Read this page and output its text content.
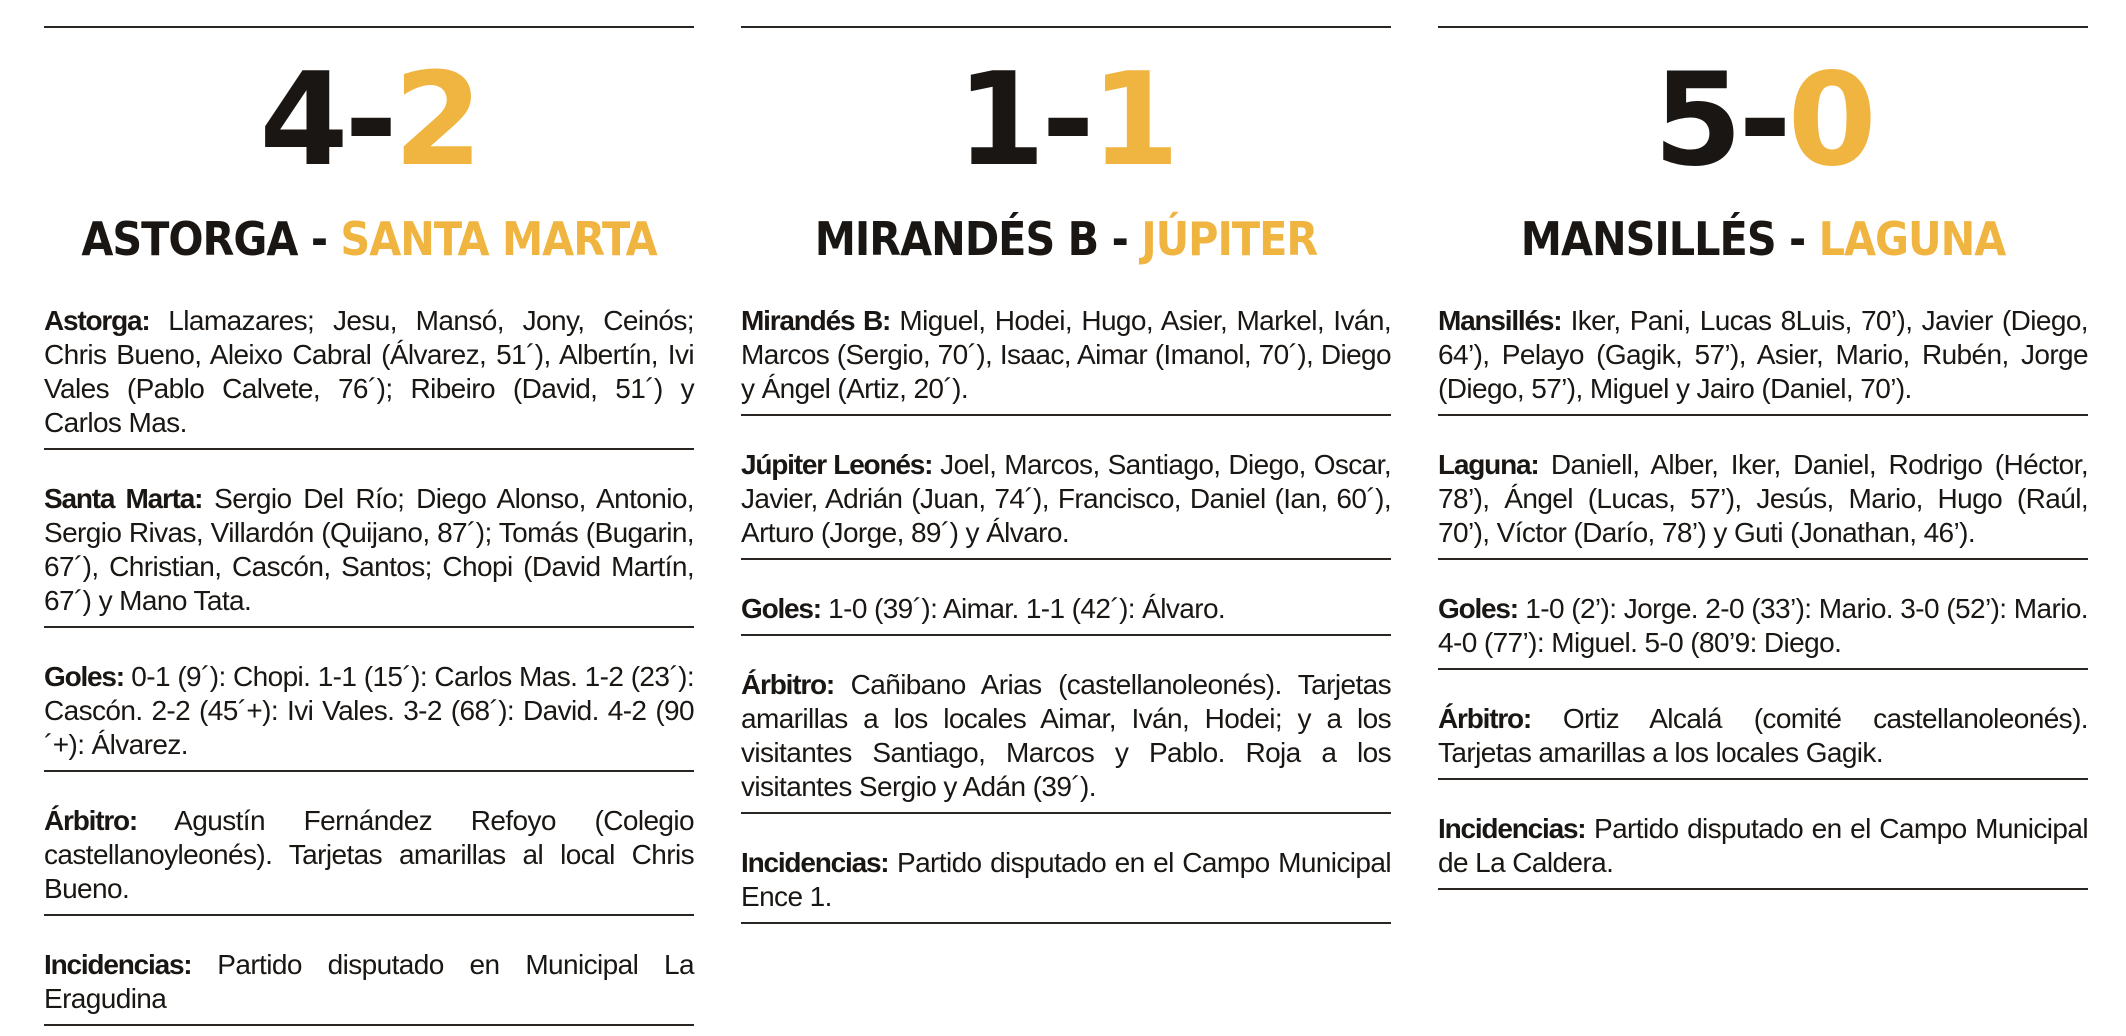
4-2
ASTORGA - SANTA MARTA

Astorga: Llamazares; Jesu, Mansó, Jony, Ceinós; Chris Bueno, Aleixo Cabral (Álvarez, 51´), Albertín, Ivi Vales (Pablo Calvete, 76´); Ribeiro (David, 51´) y Carlos Mas.

Santa Marta: Sergio Del Río; Diego Alonso, Antonio, Sergio Rivas, Villardón (Quijano, 87´); Tomás (Bugarin, 67´), Christian, Cascón, Santos; Chopi (David Martín, 67´) y Mano Tata.

Goles: 0-1 (9´): Chopi. 1-1 (15´): Carlos Mas. 1-2 (23´): Cascón. 2-2 (45´+): Ivi Vales. 3-2 (68´): David. 4-2 (90´+): Álvarez.

Árbitro: Agustín Fernández Refoyo (Colegio castellanoyleonés). Tarjetas amarillas al local Chris Bueno.

Incidencias: Partido disputado en Municipal La Eragudina

1-1
MIRANDÉS B - JÚPITER

Mirandés B: Miguel, Hodei, Hugo, Asier, Markel, Iván, Marcos (Sergio, 70´), Isaac, Aimar (Imanol, 70´), Diego y Ángel (Artiz, 20´).

Júpiter Leonés: Joel, Marcos, Santiago, Diego, Oscar, Javier, Adrián (Juan, 74´), Francisco, Daniel (Ian, 60´), Arturo (Jorge, 89´) y Álvaro.

Goles: 1-0 (39´): Aimar. 1-1 (42´): Álvaro.

Árbitro: Cañibano Arias (castellanoleonés). Tarjetas amarillas a los locales Aimar, Iván, Hodei; y a los visitantes Santiago, Marcos y Pablo. Roja a los visitantes Sergio y Adán (39´).

Incidencias: Partido disputado en el Campo Municipal Ence 1.

5-0
MANSILLÉS - LAGUNA

Mansillés: Iker, Pani, Lucas 8Luis, 70’), Javier (Diego, 64’), Pelayo (Gagik, 57’), Asier, Mario, Rubén, Jorge (Diego, 57’), Miguel y Jairo (Daniel, 70’).

Laguna: Daniell, Alber, Iker, Daniel, Rodrigo (Héctor, 78’), Ángel (Lucas, 57’), Jesús, Mario, Hugo (Raúl, 70’), Víctor (Darío, 78’) y Guti (Jonathan, 46’).

Goles: 1-0 (2’): Jorge. 2-0 (33’): Mario. 3-0 (52’): Mario. 4-0 (77’): Miguel. 5-0 (80’9: Diego.

Árbitro: Ortiz Alcalá (comité castellanoleonés). Tarjetas amarillas a los locales Gagik.

Incidencias: Partido disputado en el Campo Municipal de La Caldera.
